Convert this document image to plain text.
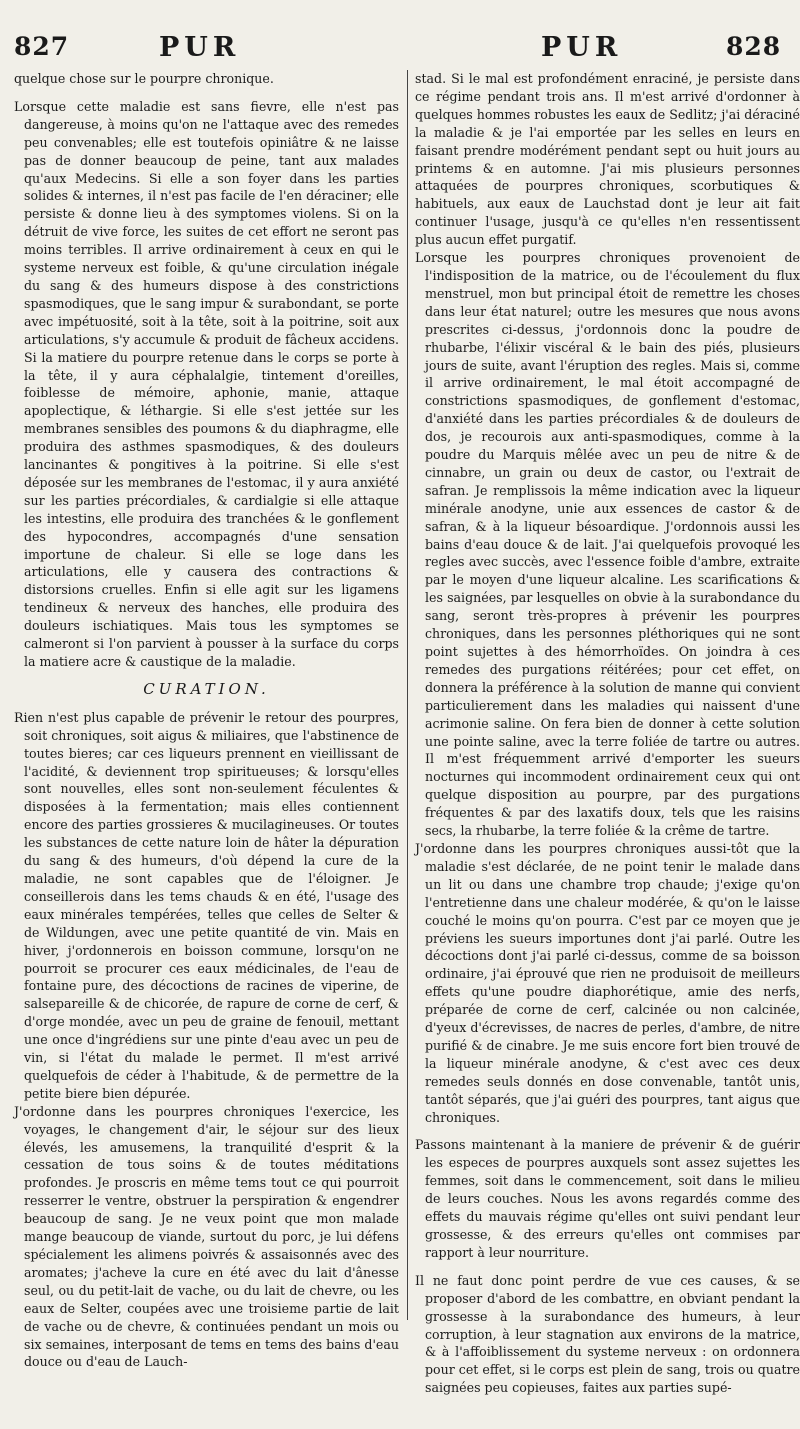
827	PUR	PUR	828

quelque chose sur le pourpre chronique.

Lorsque cette maladie est sans fievre, elle n'est pas dangereuse, à moins qu'on ne l'attaque avec des remedes peu convenables; elle est toutefois opiniâtre & ne laisse pas de donner beaucoup de peine, tant aux malades qu'aux Medecins. Si elle a son foyer dans les parties solides & internes, il n'est pas facile de l'en déraciner; elle persiste & donne lieu à des symptomes violens. Si on la détruit de vive force, les suites de cet effort ne seront pas moins terribles. Il arrive ordinairement à ceux en qui le systeme nerveux est foible, & qu'une circulation inégale du sang & des humeurs dispose à des constrictions spasmodiques, que le sang impur & surabondant, se porte avec impétuosité, soit à la tête, soit à la poitrine, soit aux articulations, s'y accumule & produit de fâcheux accidens. Si la matiere du pourpre retenue dans le corps se porte à la tête, il y aura céphalalgie, tintement d'oreilles, foiblesse de mémoire, aphonie, manie, attaque apoplectique, & léthargie. Si elle s'est jettée sur les membranes sensibles des poumons & du diaphragme, elle produira des asthmes spasmodiques, & des douleurs lancinantes & pongitives à la poitrine. Si elle s'est déposée sur les membranes de l'estomac, il y aura anxiété sur les parties précordiales, & cardialgie si elle attaque les intestins, elle produira des tranchées & le gonflement des hypocondres, accompagnés d'une sensation importune de chaleur. Si elle se loge dans les articulations, elle y causera des contractions & distorsions cruelles. Enfin si elle agit sur les ligamens tendineux & nerveux des hanches, elle produira des douleurs ischiatiques. Mais tous les symptomes se calmeront si l'on parvient à pousser à la surface du corps la matiere acre & caustique de la maladie.

CURATION.

Rien n'est plus capable de prévenir le retour des pourpres, soit chroniques, soit aigus & miliaires, que l'abstinence de toutes bieres; car ces liqueurs prennent en vieillissant de l'acidité, & deviennent trop spiritueuses; & lorsqu'elles sont nouvelles, elles sont non-seulement féculentes & disposées à la fermentation; mais elles contiennent encore des parties grossieres & mucilagineuses. Or toutes les substances de cette nature loin de hâter la dépuration du sang & des humeurs, d'où dépend la cure de la maladie, ne sont capables que de l'éloigner. Je conseillerois dans les tems chauds & en été, l'usage des eaux minérales tempérées, telles que celles de Selter & de Wildungen, avec une petite quantité de vin. Mais en hiver, j'ordonnerois en boisson commune, lorsqu'on ne pourroit se procurer ces eaux médicinales, de l'eau de fontaine pure, des décoctions de racines de viperine, de salsepareille & de chicorée, de rapure de corne de cerf, & d'orge mondée, avec un peu de graine de fenouil, mettant une once d'ingrédiens sur une pinte d'eau avec un peu de vin, si l'état du malade le permet. Il m'est arrivé quelquefois de céder à l'habitude, & de permettre de la petite biere bien dépurée.

J'ordonne dans les pourpres chroniques l'exercice, les voyages, le changement d'air, le séjour sur des lieux élevés, les amusemens, la tranquilité d'esprit & la cessation de tous soins & de toutes méditations profondes. Je proscris en même tems tout ce qui pourroit resserrer le ventre, obstruer la perspiration & engendrer beaucoup de sang. Je ne veux point que mon malade mange beaucoup de viande, surtout du porc, je lui défens spécialement les alimens poivrés & assaisonnés avec des aromates; j'acheve la cure en été avec du lait d'ânesse seul, ou du petit-lait de vache, ou du lait de chevre, ou les eaux de Selter, coupées avec une troisieme partie de lait de vache ou de chevre, & continuées pendant un mois ou six semaines, interposant de tems en tems des bains d'eau douce ou d'eau de Lauch-

stad. Si le mal est profondément enraciné, je persiste dans ce régime pendant trois ans. Il m'est arrivé d'ordonner à quelques hommes robustes les eaux de Sedlitz; j'ai déraciné la maladie & je l'ai emportée par les selles en leurs en faisant prendre modérément pendant sept ou huit jours au printems & en automne. J'ai mis plusieurs personnes attaquées de pourpres chroniques, scorbutiques & habituels, aux eaux de Lauchstad dont je leur ait fait continuer l'usage, jusqu'à ce qu'elles n'en ressentissent plus aucun effet purgatif.

Lorsque les pourpres chroniques provenoient de l'indisposition de la matrice, ou de l'écoulement du flux menstruel, mon but principal étoit de remettre les choses dans leur état naturel; outre les mesures que nous avons prescrites ci-dessus, j'ordonnois donc la poudre de rhubarbe, l'élixir viscéral & le bain des piés, plusieurs jours de suite, avant l'éruption des regles. Mais si, comme il arrive ordinairement, le mal étoit accompagné de constrictions spasmodiques, de gonflement d'estomac, d'anxiété dans les parties précordiales & de douleurs de dos, je recourois aux anti-spasmodiques, comme à la poudre du Marquis mêlée avec un peu de nitre & de cinnabre, un grain ou deux de castor, ou l'extrait de safran. Je remplissois la même indication avec la liqueur minérale anodyne, unie aux essences de castor & de safran, & à la liqueur bésoardique. J'ordonnois aussi les bains d'eau douce & de lait. J'ai quelquefois provoqué les regles avec succès, avec l'essence foible d'ambre, extraite par le moyen d'une liqueur alcaline. Les scarifications & les saignées, par lesquelles on obvie à la surabondance du sang, seront très-propres à prévenir les pourpres chroniques, dans les personnes pléthoriques qui ne sont point sujettes à des hémorrhoïdes. On joindra à ces remedes des purgations réitérées; pour cet effet, on donnera la préférence à la solution de manne qui convient particulierement dans les maladies qui naissent d'une acrimonie saline. On fera bien de donner à cette solution une pointe saline, avec la terre foliée de tartre ou autres. Il m'est fréquemment arrivé d'emporter les sueurs nocturnes qui incommodent ordinairement ceux qui ont quelque disposition au pourpre, par des purgations fréquentes & par des laxatifs doux, tels que les raisins secs, la rhubarbe, la terre foliée & la crême de tartre.

J'ordonne dans les pourpres chroniques aussi-tôt que la maladie s'est déclarée, de ne point tenir le malade dans un lit ou dans une chambre trop chaude; j'exige qu'on l'entretienne dans une chaleur modérée, & qu'on le laisse couché le moins qu'on pourra. C'est par ce moyen que je préviens les sueurs importunes dont j'ai parlé. Outre les décoctions dont j'ai parlé ci-dessus, comme de sa boisson ordinaire, j'ai éprouvé que rien ne produisoit de meilleurs effets qu'une poudre diaphorétique, amie des nerfs, préparée de corne de cerf, calcinée ou non calcinée, d'yeux d'écrevisses, de nacres de perles, d'ambre, de nitre purifié & de cinabre. Je me suis encore fort bien trouvé de la liqueur minérale anodyne, & c'est avec ces deux remedes seuls donnés en dose convenable, tantôt unis, tantôt séparés, que j'ai guéri des pourpres, tant aigus que chroniques.

Passons maintenant à la maniere de prévenir & de guérir les especes de pourpres auxquels sont assez sujettes les femmes, soit dans le commencement, soit dans le milieu de leurs couches. Nous les avons regardés comme des effets du mauvais régime qu'elles ont suivi pendant leur grossesse, & des erreurs qu'elles ont commises par rapport à leur nourriture.

Il ne faut donc point perdre de vue ces causes, & se proposer d'abord de les combattre, en obviant pendant la grossesse à la surabondance des humeurs, à leur corruption, à leur stagnation aux environs de la matrice, & à l'affoiblissement du systeme nerveux : on ordonnera pour cet effet, si le corps est plein de sang, trois ou quatre saignées peu copieuses, faites aux parties supé-
